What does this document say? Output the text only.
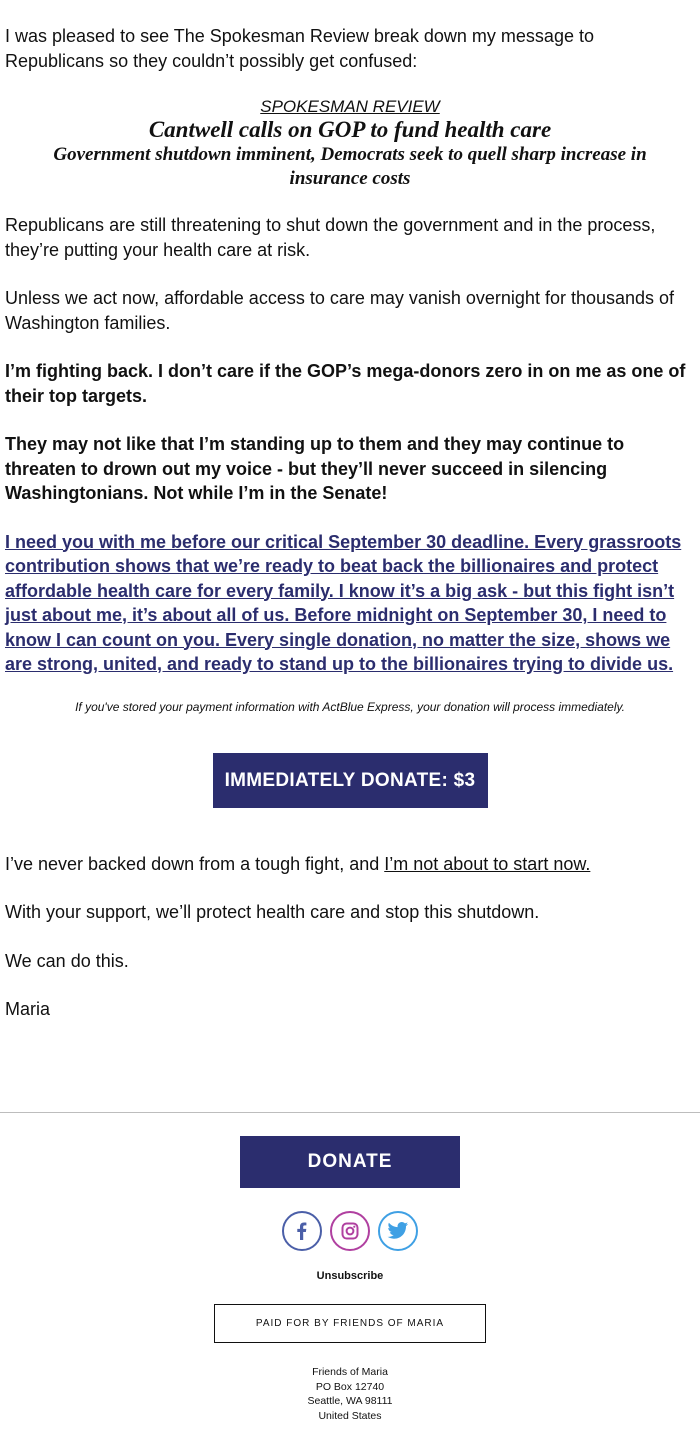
I was pleased to see The Spokesman Review break down my message to Republicans so they couldn’t possibly get confused:

SPOKESMAN REVIEW
Cantwell calls on GOP to fund health care
Government shutdown imminent, Democrats seek to quell sharp increase in insurance costs

Republicans are still threatening to shut down the government and in the process, they’re putting your health care at risk.

Unless we act now, affordable access to care may vanish overnight for thousands of Washington families.

I’m fighting back. I don’t care if the GOP’s mega-donors zero in on me as one of their top targets.

They may not like that I’m standing up to them and they may continue to threaten to drown out my voice - but they’ll never succeed in silencing Washingtonians. Not while I’m in the Senate!

I need you with me before our critical September 30 deadline. Every grassroots contribution shows that we’re ready to beat back the billionaires and protect affordable health care for every family. I know it’s a big ask - but this fight isn’t just about me, it’s about all of us. Before midnight on September 30, I need to know I can count on you. Every single donation, no matter the size, shows we are strong, united, and ready to stand up to the billionaires trying to divide us.
If you've stored your payment information with ActBlue Express, your donation will process immediately.
IMMEDIATELY DONATE: $3

I’ve never backed down from a tough fight, and I’m not about to start now.

With your support, we’ll protect health care and stop this shutdown.

We can do this.

Maria

DONATE
Unsubscribe
PAID FOR BY FRIENDS OF MARIA
Friends of Maria
PO Box 12740
Seattle, WA 98111
United States
